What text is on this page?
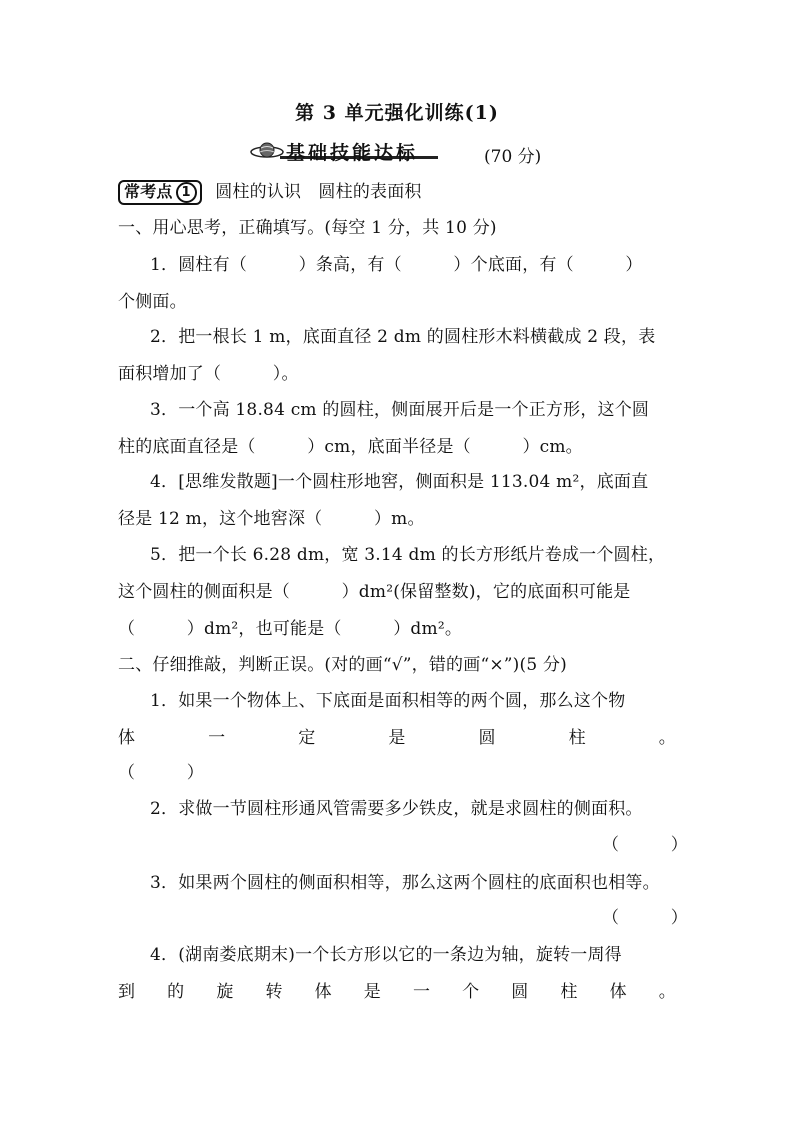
第 3 单元强化训练(1)
基础技能达标	(70 分)
常考点 1 圆柱的认识　圆柱的表面积
一、用心思考，正确填写。(每空 1 分，共 10 分)
1．圆柱有（　　　）条高，有（　　　）个底面，有（　　　）
个侧面。
2．把一根长 1 m，底面直径 2 dm 的圆柱形木料横截成 2 段，表
面积增加了（　　　）。
3．一个高 18.84 cm 的圆柱，侧面展开后是一个正方形，这个圆
柱的底面直径是（　　　）cm，底面半径是（　　　）cm。
4．[思维发散题]一个圆柱形地窖，侧面积是 113.04 m²，底面直
径是 12 m，这个地窖深（　　　）m。
5．把一个长 6.28 dm，宽 3.14 dm 的长方形纸片卷成一个圆柱，
这个圆柱的侧面积是（　　　）dm²(保留整数)，它的底面积可能是
（　　　）dm²，也可能是（　　　）dm²。
二、仔细推敲，判断正误。(对的画“√”，错的画“×”)(5 分)
1．如果一个物体上、下底面是面积相等的两个圆，那么这个物
体	一	定	是	圆	柱	。
（　　　）
2．求做一节圆柱形通风管需要多少铁皮，就是求圆柱的侧面积。
（　　　）
3．如果两个圆柱的侧面积相等，那么这两个圆柱的底面积也相等。
（　　　）
4．(湖南娄底期末)一个长方形以它的一条边为轴，旋转一周得
到 的 旋 转 体 是 一 个 圆 柱 体 。
